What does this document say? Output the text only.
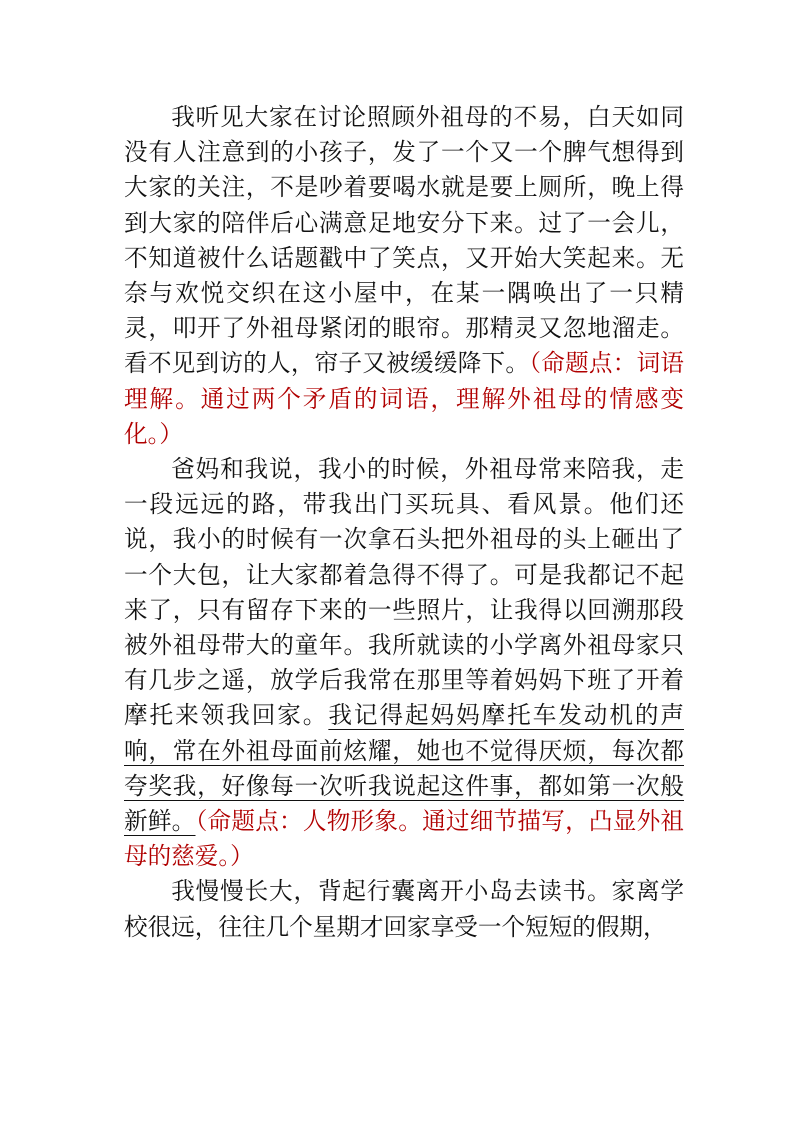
我听见大家在讨论照顾外祖母的不易，白天如同没有人注意到的小孩子，发了一个又一个脾气想得到大家的关注，不是吵着要喝水就是要上厕所，晚上得到大家的陪伴后心满意足地安分下来。过了一会儿，不知道被什么话题戳中了笑点，又开始大笑起来。无奈与欢悦交织在这小屋中，在某一隅唤出了一只精灵，叩开了外祖母紧闭的眼帘。那精灵又忽地溜走。看不见到访的人，帘子又被缓缓降下。（命题点：词语理解。通过两个矛盾的词语，理解外祖母的情感变化。）

爸妈和我说，我小的时候，外祖母常来陪我，走一段远远的路，带我出门买玩具、看风景。他们还说，我小的时候有一次拿石头把外祖母的头上砸出了一个大包，让大家都着急得不得了。可是我都记不起来了，只有留存下来的一些照片，让我得以回溯那段被外祖母带大的童年。我所就读的小学离外祖母家只有几步之遥，放学后我常在那里等着妈妈下班了开着摩托来领我回家。我记得起妈妈摩托车发动机的声响，常在外祖母面前炫耀，她也不觉得厌烦，每次都夸奖我，好像每一次听我说起这件事，都如第一次般新鲜。（命题点：人物形象。通过细节描写，凸显外祖母的慈爱。）

我慢慢长大，背起行囊离开小岛去读书。家离学校很远，往往几个星期才回家享受一个短短的假期，
